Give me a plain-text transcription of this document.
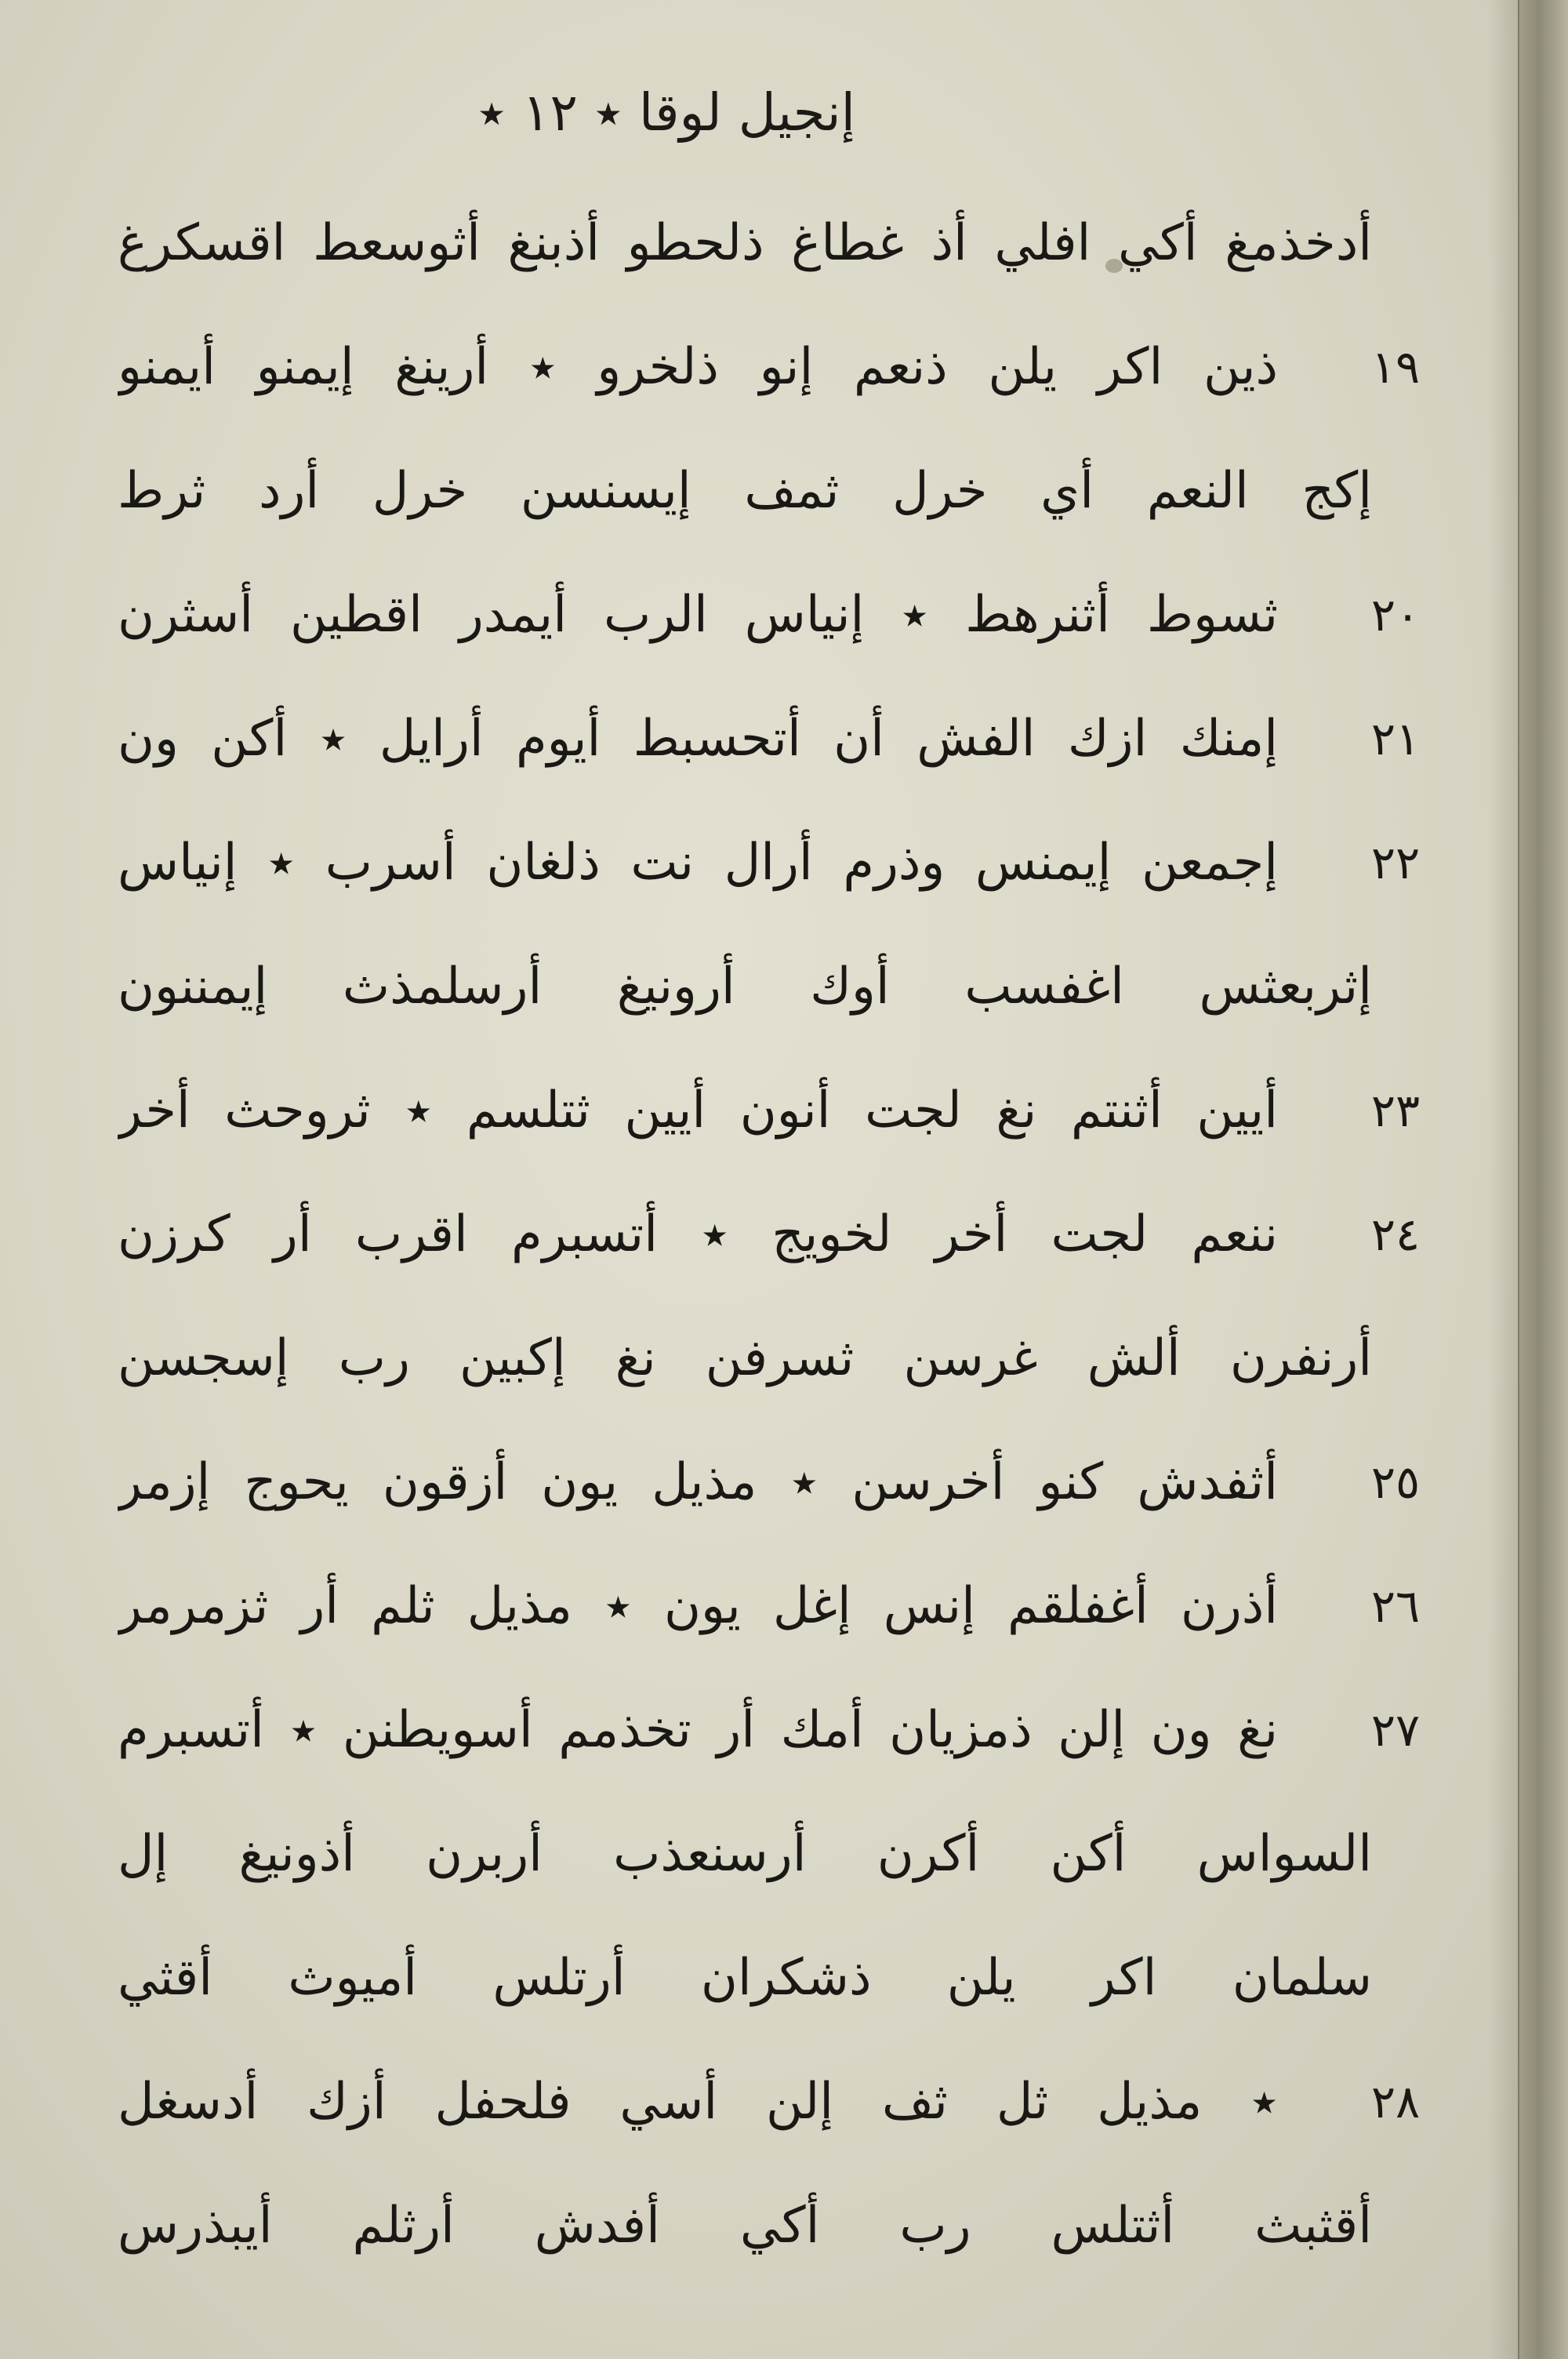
إنجيل لوقا ٭ ١٢ ٭
أدخذمغ أكي افلي أذ غطاغ ذلحطو أذبنغ أثوسعط اقسكرغ
ذين اكر يلن ذنعم إنو ذلخرو ٭ أرينغ إيمنو أيمنو
إكج النعم أي خرل ثمف إيسنسن خرل أرد ثرط
ثسوط أثنرهط ٭ إنياس الرب أيمدر اقطين أسثرن
إمنك ازك الفش أن أتحسبط أيوم أرايل ٭ أكن ون
إجمعن إيمنس وذرم أرال نت ذلغان أسرب ٭ إنياس
إثربعثس اغفسب أوك أرونيغ أرسلمذث إيمننون
أيين أثنتم نغ لجت أنون أيين ثتلسم ٭ ثروحث أخر
ننعم لجت أخر لخويج ٭ أتسبرم اقرب أر كرزن
أرنفرن ألش غرسن ثسرفن نغ إكبين رب إسجسن
أثفدش كنو أخرسن ٭ مذيل يون أزقون يحوج إزمر
أذرن أغفلقم إنس إغل يون ٭ مذيل ثلم أر ثزمرمر
نغ ون إلن ذمزيان أمك أر تخذمم أسويطنن ٭ أتسبرم
السواس أكن أكرن أرسنعذب أربرن أذونيغ إل
سلمان اكر يلن ذشكران أرتلس أميوث أقثي
٭ مذيل ثل ثف إلن أسي فلحفل أزك أدسغل
أقثبث أثتلس رب أكي أفدش أرثلم أيبذرس
١٩
٢٠
٢١
٢٢
٢٣
٢٤
٢٥
٢٦
٢٧
٢٨
